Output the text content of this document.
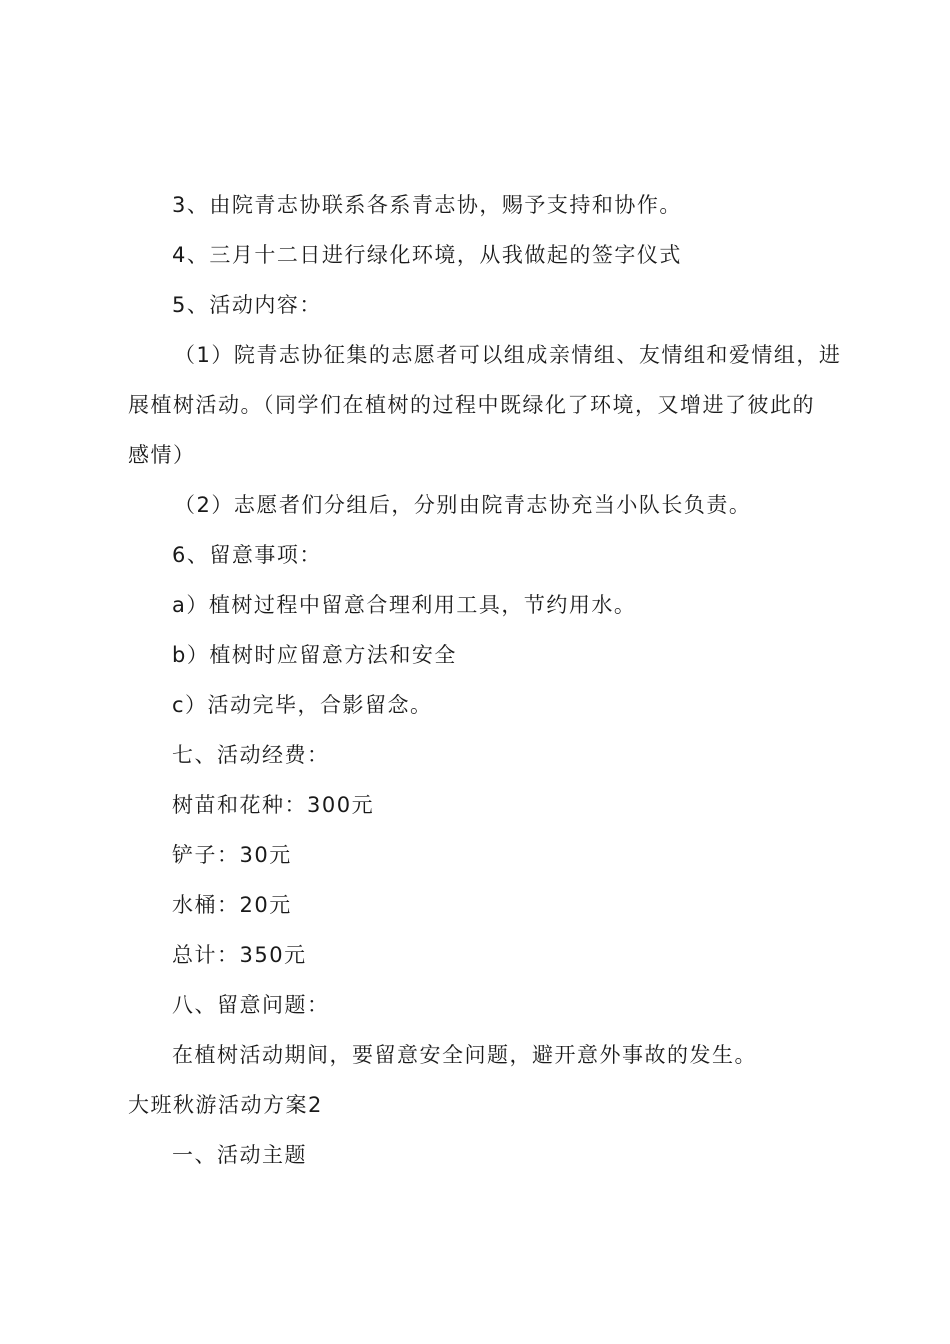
3、由院青志协联系各系青志协，赐予支持和协作。
4、三月十二日进行绿化环境，从我做起的签字仪式
5、活动内容：
（1）院青志协征集的志愿者可以组成亲情组、友情组和爱情组，进
展植树活动。（同学们在植树的过程中既绿化了环境，又增进了彼此的
感情）
（2）志愿者们分组后，分别由院青志协充当小队长负责。
6、留意事项：
a）植树过程中留意合理利用工具，节约用水。
b）植树时应留意方法和安全
c）活动完毕，合影留念。
七、活动经费：
树苗和花种：300元
铲子：30元
水桶：20元
总计：350元
八、留意问题：
在植树活动期间，要留意安全问题，避开意外事故的发生。
大班秋游活动方案2
一、活动主题
